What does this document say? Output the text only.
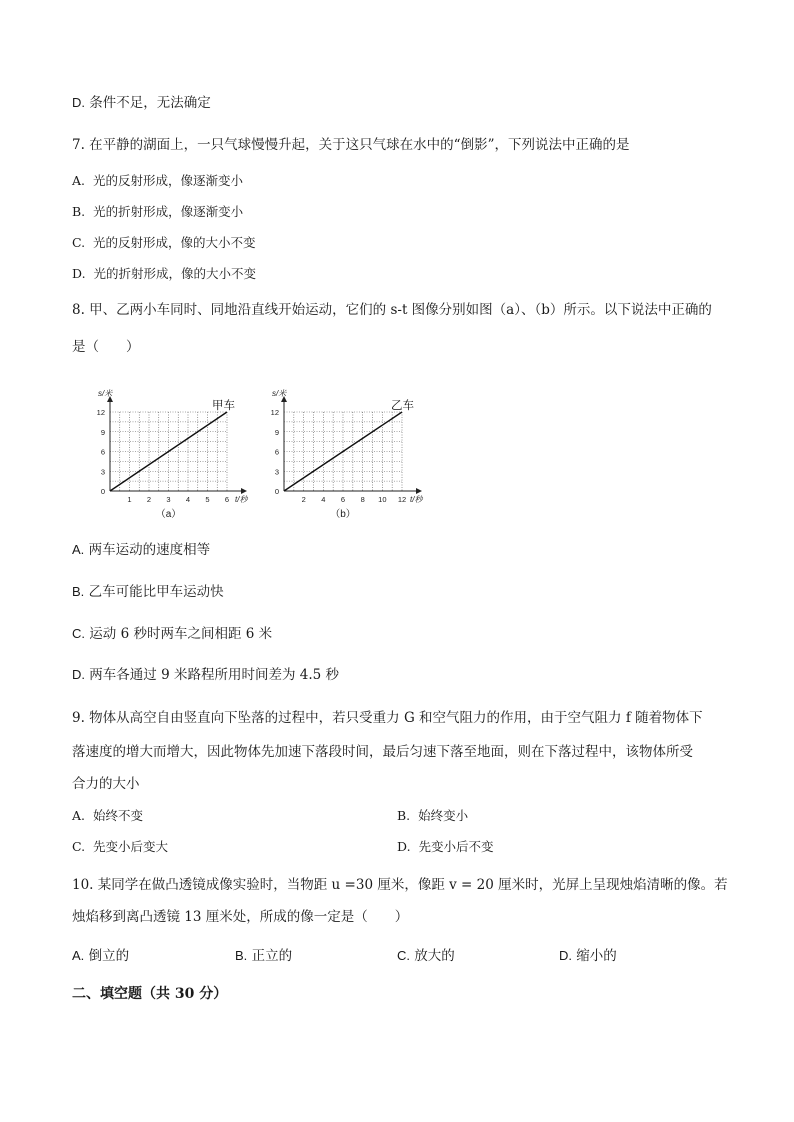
D. 条件不足，无法确定
7. 在平静的湖面上，一只气球慢慢升起，关于这只气球在水中的“倒影”，下列说法中正确的是
A. 光的反射形成，像逐渐变小
B. 光的折射形成，像逐渐变小
C. 光的反射形成，像的大小不变
D. 光的折射形成，像的大小不变
8. 甲、乙两小车同时、同地沿直线开始运动，它们的 s-t 图像分别如图（a）、（b）所示。以下说法中正确的
是（　　）
0
3
6
9
12
1 2 3 4 5 6
s/米
t/秒
甲车
（a）
0
3
6
9
12
2 4 6 8 10 12
s/米
t/秒
乙车
（b）
A. 两车运动的速度相等
B. 乙车可能比甲车运动快
C. 运动 6 秒时两车之间相距 6 米
D. 两车各通过 9 米路程所用时间差为 4.5 秒
9. 物体从高空自由竖直向下坠落的过程中，若只受重力 G 和空气阻力的作用，由于空气阻力 f 随着物体下
落速度的增大而增大，因此物体先加速下落段时间，最后匀速下落至地面，则在下落过程中，该物体所受
合力的大小
A. 始终不变	B. 始终变小
C. 先变小后变大	D. 先变小后不变
10. 某同学在做凸透镜成像实验时，当物距 u =30 厘米，像距 v = 20 厘米时，光屏上呈现烛焰清晰的像。若
烛焰移到离凸透镜 13 厘米处，所成的像一定是（　　）
A. 倒立的	B. 正立的	C. 放大的	D. 缩小的
二、填空题（共 30 分）
